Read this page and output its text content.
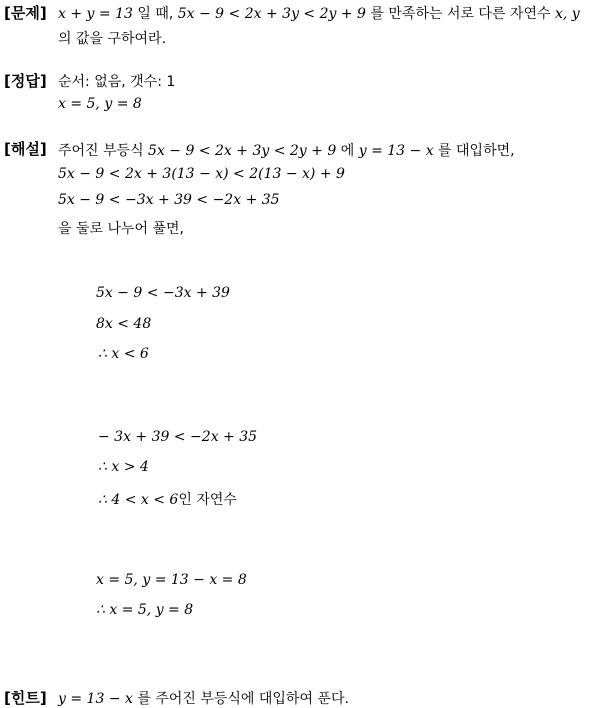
[문제] x + y = 13 일 때, 5x − 9 < 2x + 3y < 2y + 9 를 만족하는 서로 다른 자연수 x, y
의 값을 구하여라.
[정답] 순서: 없음, 갯수: 1
x = 5, y = 8
[해설] 주어진 부등식 5x − 9 < 2x + 3y < 2y + 9 에 y = 13 − x 를 대입하면,
5x − 9 < 2x + 3(13 − x) < 2(13 − x) + 9
5x − 9 < −3x + 39 < −2x + 35
을 둘로 나누어 풀면,
5x − 9 < −3x + 39
8x < 48
∴ x < 6
− 3x + 39 < −2x + 35
∴ x > 4
∴ 4 < x < 6인 자연수
x = 5, y = 13 − x = 8
∴ x = 5, y = 8
[힌트] y = 13 − x 를 주어진 부등식에 대입하여 푼다.
